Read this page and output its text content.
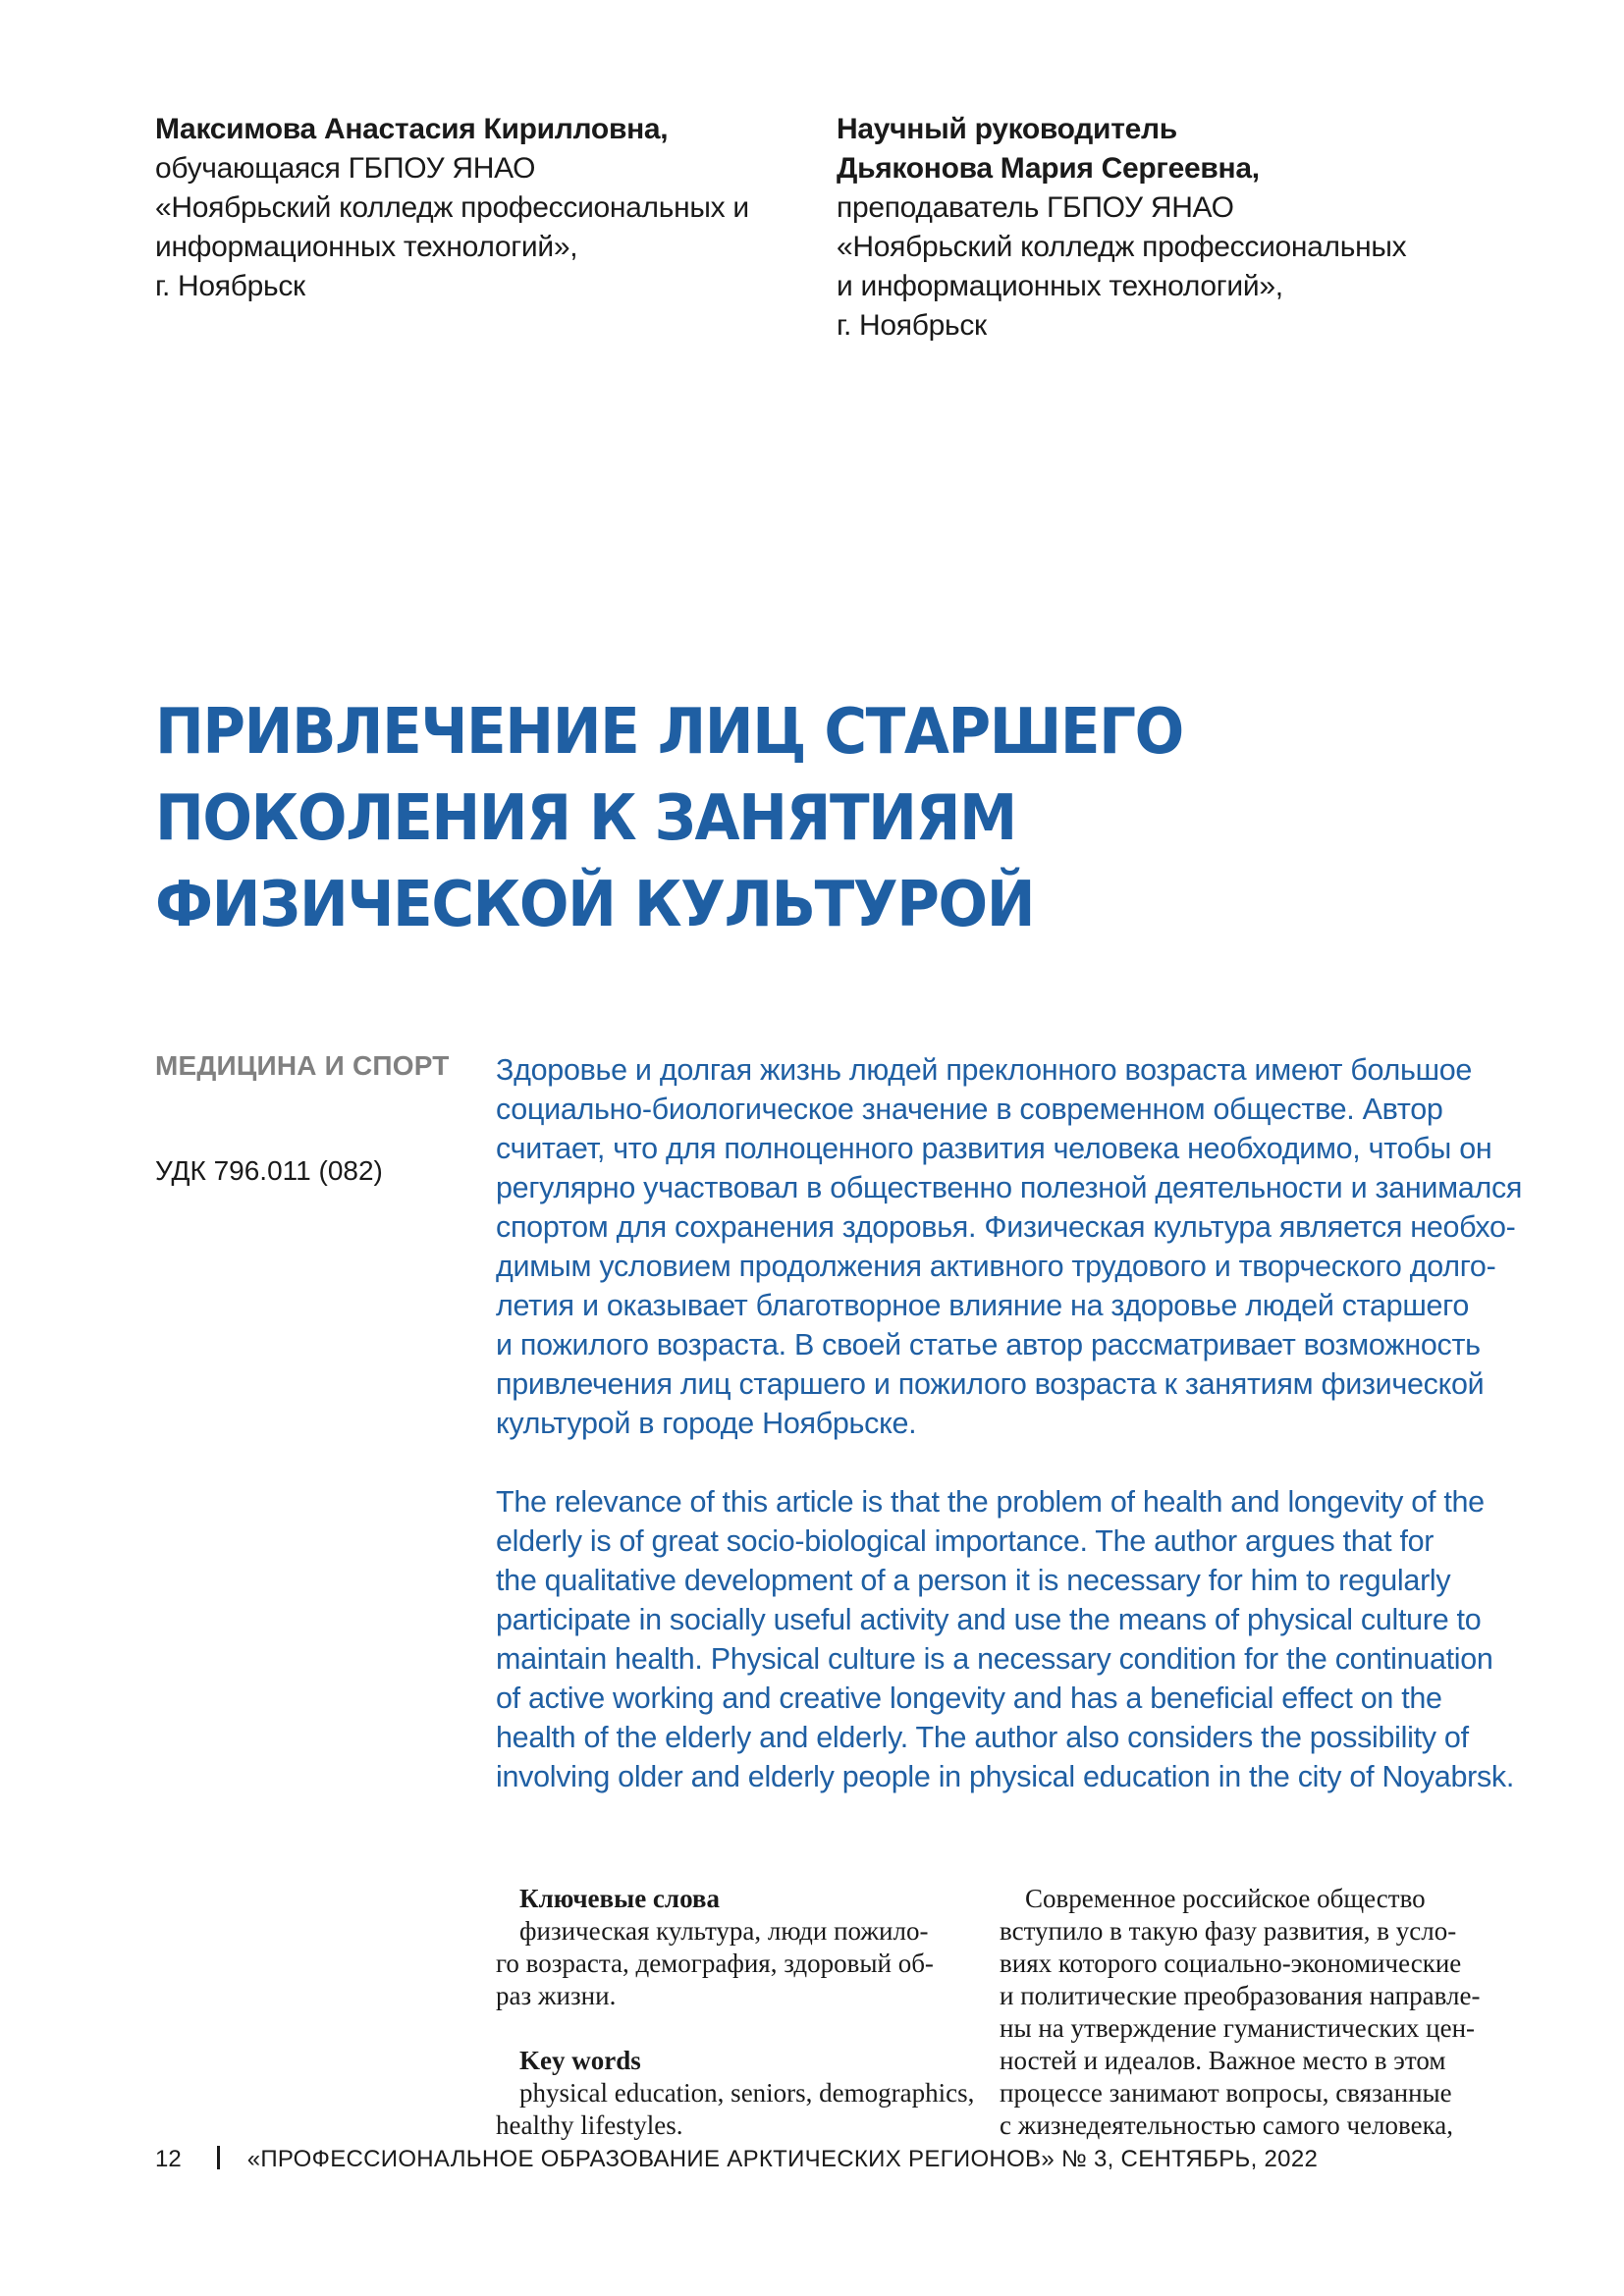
Максимова Анастасия Кирилловна,
обучающаяся ГБПОУ ЯНАО
«Ноябрьский колледж профессиональных и
информационных технологий»,
г. Ноябрьск
Научный руководитель
Дьяконова Мария Сергеевна,
преподаватель ГБПОУ ЯНАО
«Ноябрьский колледж профессиональных
и информационных технологий»,
г. Ноябрьск
ПРИВЛЕЧЕНИЕ ЛИЦ СТАРШЕГО
ПОКОЛЕНИЯ К ЗАНЯТИЯМ
ФИЗИЧЕСКОЙ КУЛЬТУРОЙ
МЕДИЦИНА И СПОРТ
УДК 796.011 (082)
Здоровье и долгая жизнь людей преклонного возраста имеют большое
социально-биологическое значение в современном обществе. Автор
считает, что для полноценного развития человека необходимо, чтобы он
регулярно участвовал в общественно полезной деятельности и занимался
спортом для сохранения здоровья. Физическая культура является необхо-
димым условием продолжения активного трудового и творческого долго-
летия и оказывает благотворное влияние на здоровье людей старшего
и пожилого возраста. В своей статье автор рассматривает возможность
привлечения лиц старшего и пожилого возраста к занятиям физической
культурой в городе Ноябрьске.
The relevance of this article is that the problem of health and longevity of the
elderly is of great socio-biological importance. The author argues that for
the qualitative development of a person it is necessary for him to regularly
participate in socially useful activity and use the means of physical culture to
maintain health. Physical culture is a necessary condition for the continuation
of active working and creative longevity and has a beneficial effect on the
health of the elderly and elderly. The author also considers the possibility of
involving older and elderly people in physical education in the city of Noyabrsk.
Ключевые слова
физическая культура, люди пожило-
го возраста, демография, здоровый об-
раз жизни.
Key words
physical education, seniors, demographics,
healthy lifestyles.
Современное российское общество
вступило в такую фазу развития, в усло-
виях которого социально-экономические
и политические преобразования направле-
ны на утверждение гуманистических цен-
ностей и идеалов. Важное место в этом
процессе занимают вопросы, связанные
с жизнедеятельностью самого человека,
12	«ПРОФЕССИОНАЛЬНОЕ ОБРАЗОВАНИЕ АРКТИЧЕСКИХ РЕГИОНОВ» № 3, СЕНТЯБРЬ, 2022
